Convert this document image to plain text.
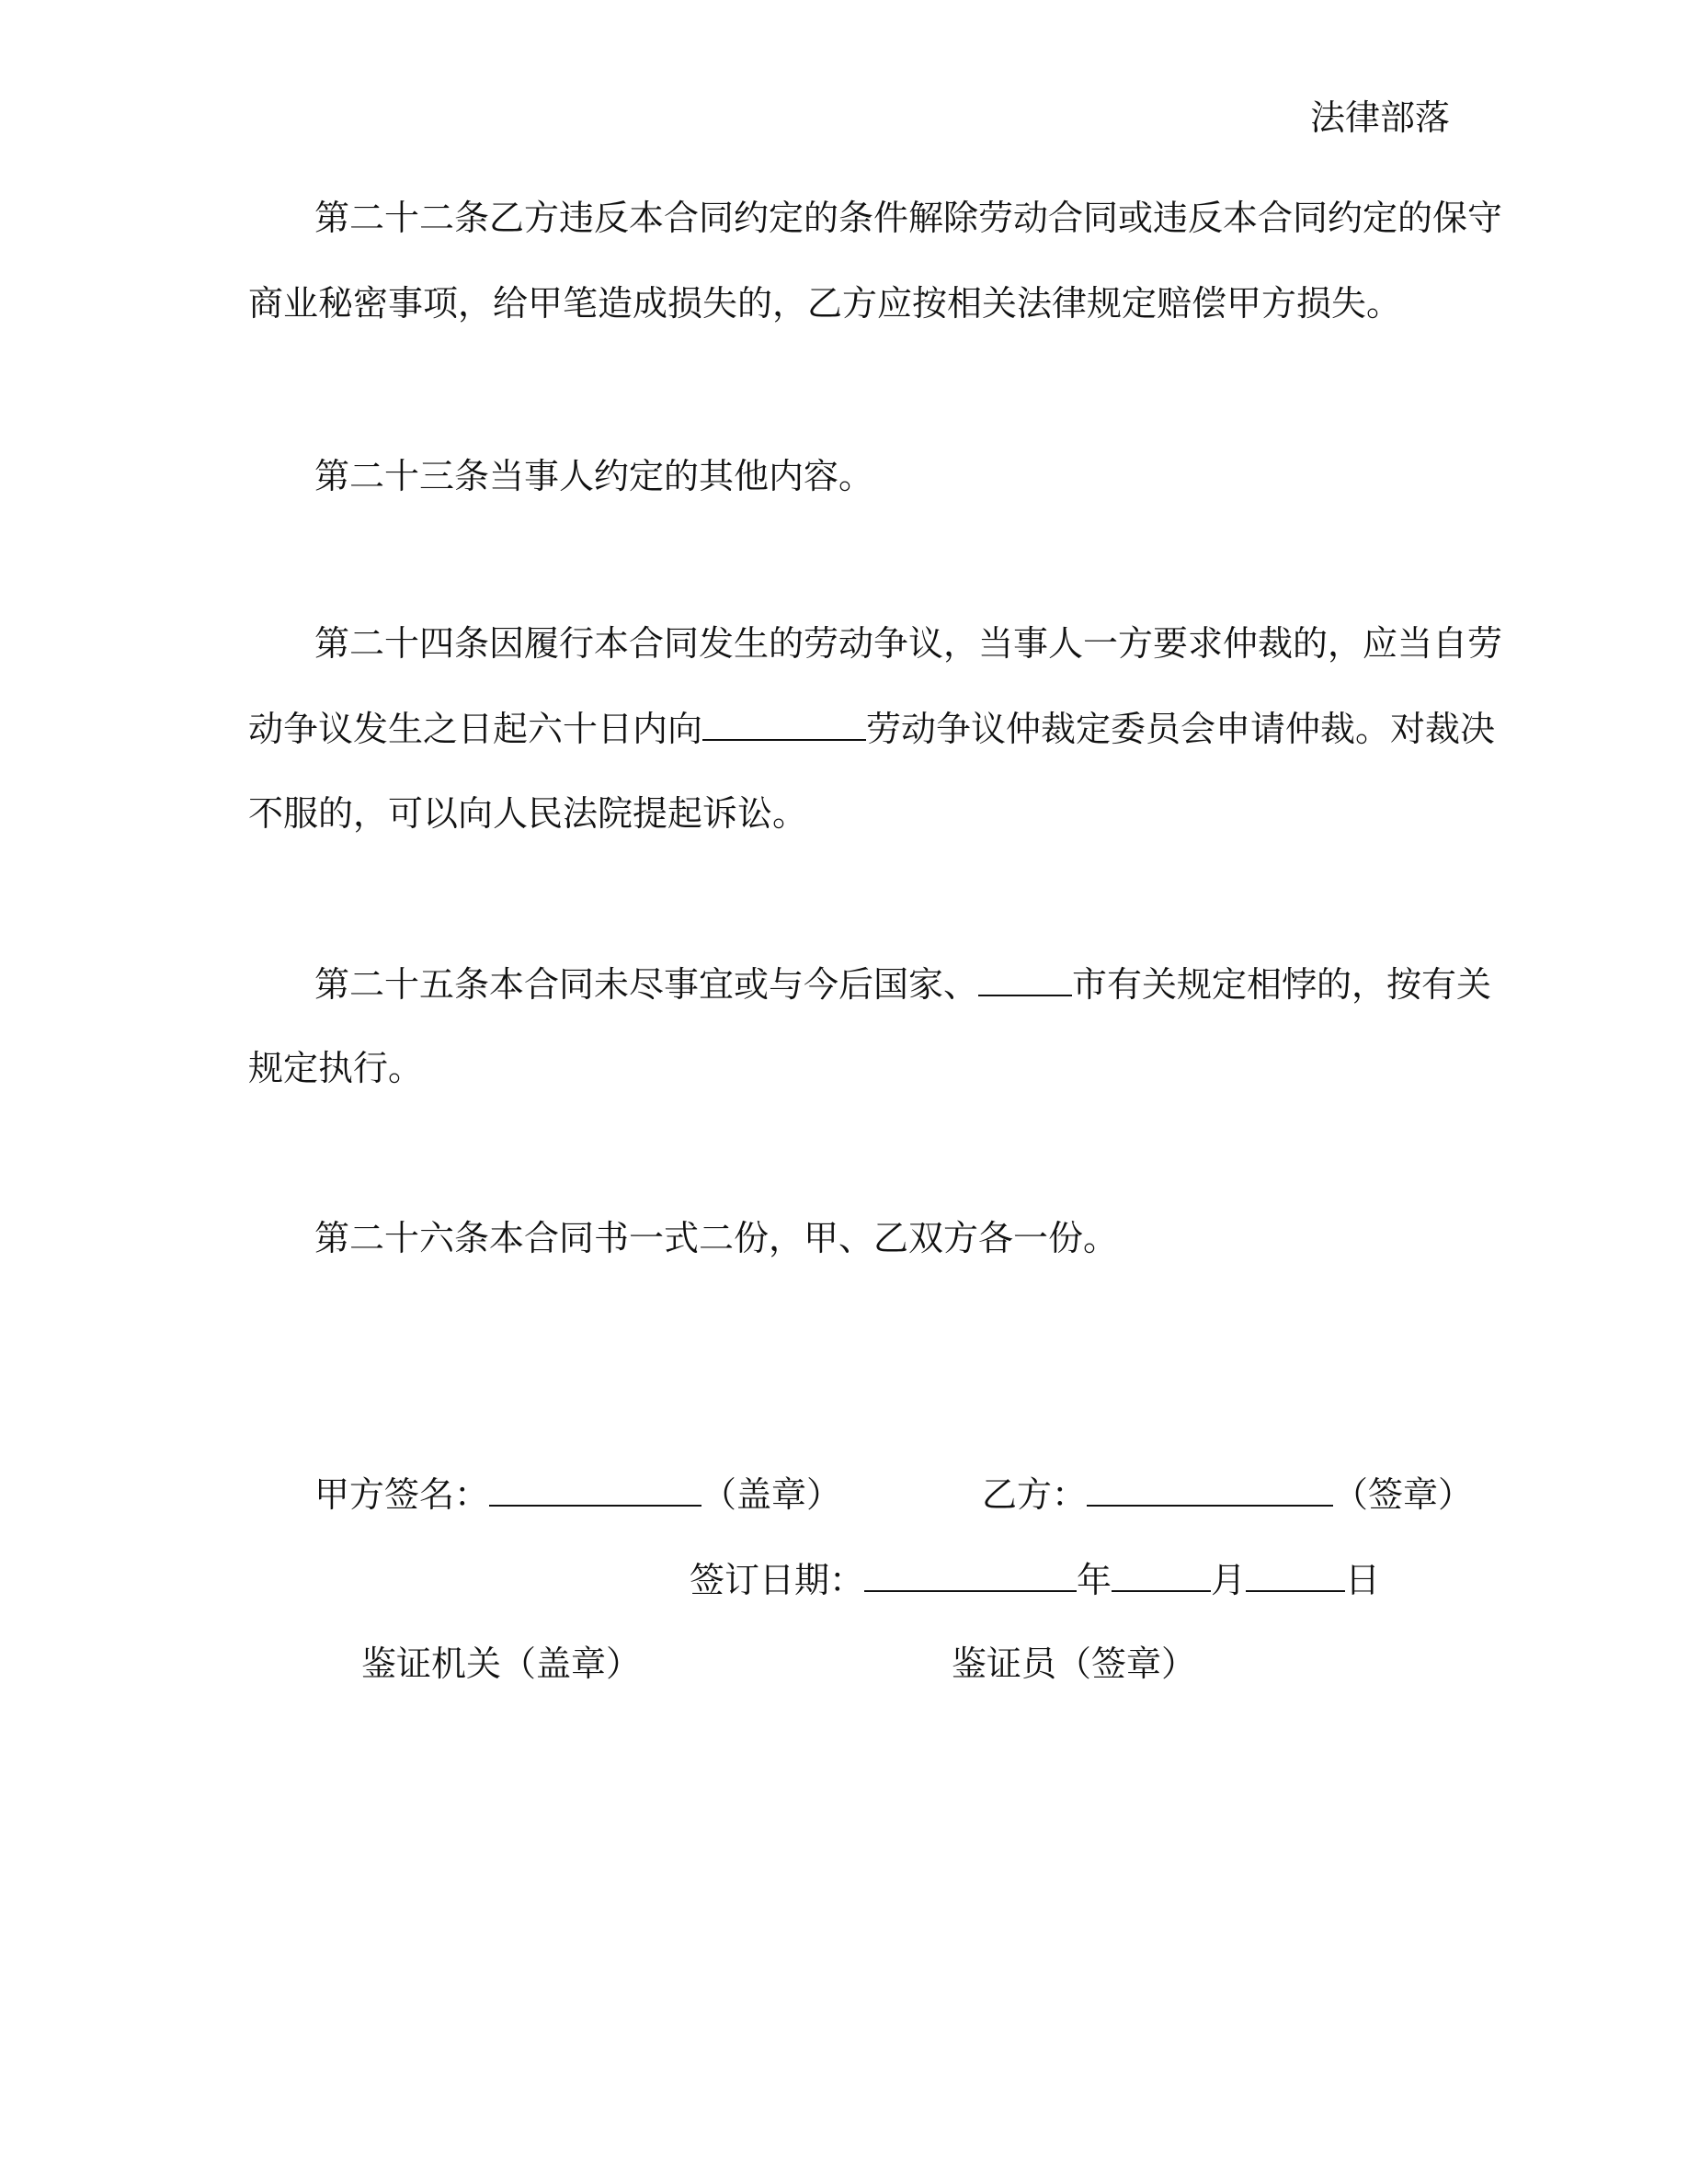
法律部落
第二十二条乙方违反本合同约定的条件解除劳动合同或违反本合同约定的保守
商业秘密事项，给甲笔造成损失的，乙方应按相关法律规定赔偿甲方损失。
第二十三条当事人约定的其他内容。
第二十四条因履行本合同发生的劳动争议，当事人一方要求仲裁的，应当自劳
动争议发生之日起六十日内向	劳动争议仲裁定委员会申请仲裁。对裁决
不服的，可以向人民法院提起诉讼。
第二十五条本合同未尽事宜或与今后国家、	市有关规定相悖的，按有关
规定执行。
第二十六条本合同书一式二份，甲、乙双方各一份。
甲方签名：	（盖章）	乙方：	（签章）
签订日期：	年	月	日
鉴证机关（盖章）	鉴证员（签章）
